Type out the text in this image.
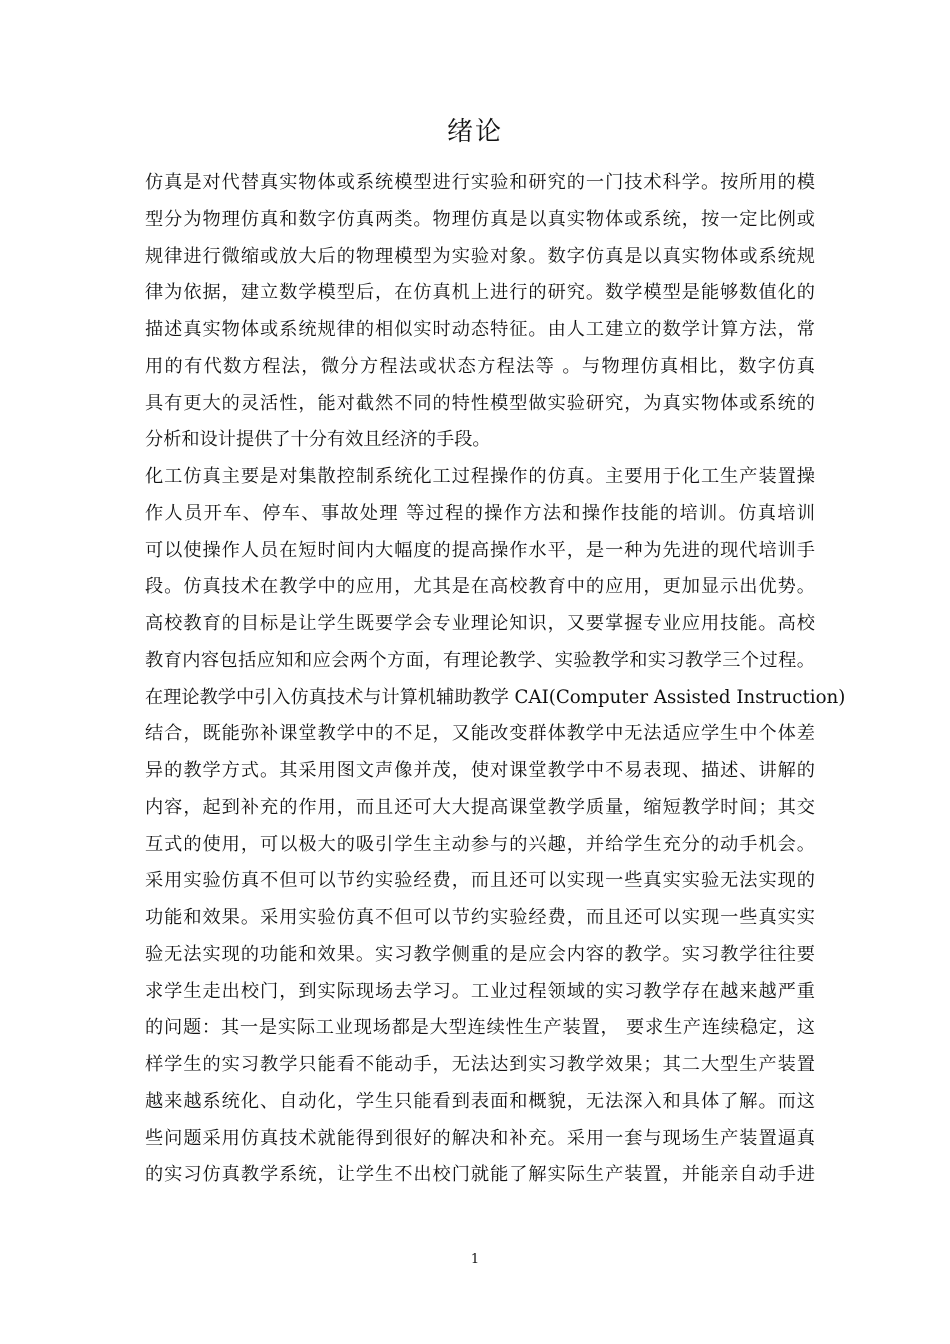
绪论
仿真是对代替真实物体或系统模型进行实验和研究的一门技术科学。按所用的模
型分为物理仿真和数字仿真两类。物理仿真是以真实物体或系统，按一定比例或
规律进行微缩或放大后的物理模型为实验对象。数字仿真是以真实物体或系统规
律为依据，建立数学模型后，在仿真机上进行的研究。数学模型是能够数值化的
描述真实物体或系统规律的相似实时动态特征。由人工建立的数学计算方法，常
用的有代数方程法，微分方程法或状态方程法等 。与物理仿真相比，数字仿真
具有更大的灵活性，能对截然不同的特性模型做实验研究，为真实物体或系统的
分析和设计提供了十分有效且经济的手段。
化工仿真主要是对集散控制系统化工过程操作的仿真。主要用于化工生产装置操
作人员开车、停车、事故处理 等过程的操作方法和操作技能的培训。仿真培训
可以使操作人员在短时间内大幅度的提高操作水平，是一种为先进的现代培训手
段。仿真技术在教学中的应用，尤其是在高校教育中的应用，更加显示出优势。
高校教育的目标是让学生既要学会专业理论知识，又要掌握专业应用技能。高校
教育内容包括应知和应会两个方面，有理论教学、实验教学和实习教学三个过程。
在理论教学中引入仿真技术与计算机辅助教学 CAI(Computer Assisted Instruction)
结合，既能弥补课堂教学中的不足，又能改变群体教学中无法适应学生中个体差
异的教学方式。其采用图文声像并茂，使对课堂教学中不易表现、描述、讲解的
内容，起到补充的作用，而且还可大大提高课堂教学质量，缩短教学时间；其交
互式的使用，可以极大的吸引学生主动参与的兴趣，并给学生充分的动手机会。
采用实验仿真不但可以节约实验经费，而且还可以实现一些真实实验无法实现的
功能和效果。采用实验仿真不但可以节约实验经费，而且还可以实现一些真实实
验无法实现的功能和效果。实习教学侧重的是应会内容的教学。实习教学往往要
求学生走出校门，到实际现场去学习。工业过程领域的实习教学存在越来越严重
的问题：其一是实际工业现场都是大型连续性生产装置， 要求生产连续稳定，这
样学生的实习教学只能看不能动手，无法达到实习教学效果；其二大型生产装置
越来越系统化、自动化，学生只能看到表面和概貌，无法深入和具体了解。而这
些问题采用仿真技术就能得到很好的解决和补充。采用一套与现场生产装置逼真
的实习仿真教学系统，让学生不出校门就能了解实际生产装置，并能亲自动手进
1
